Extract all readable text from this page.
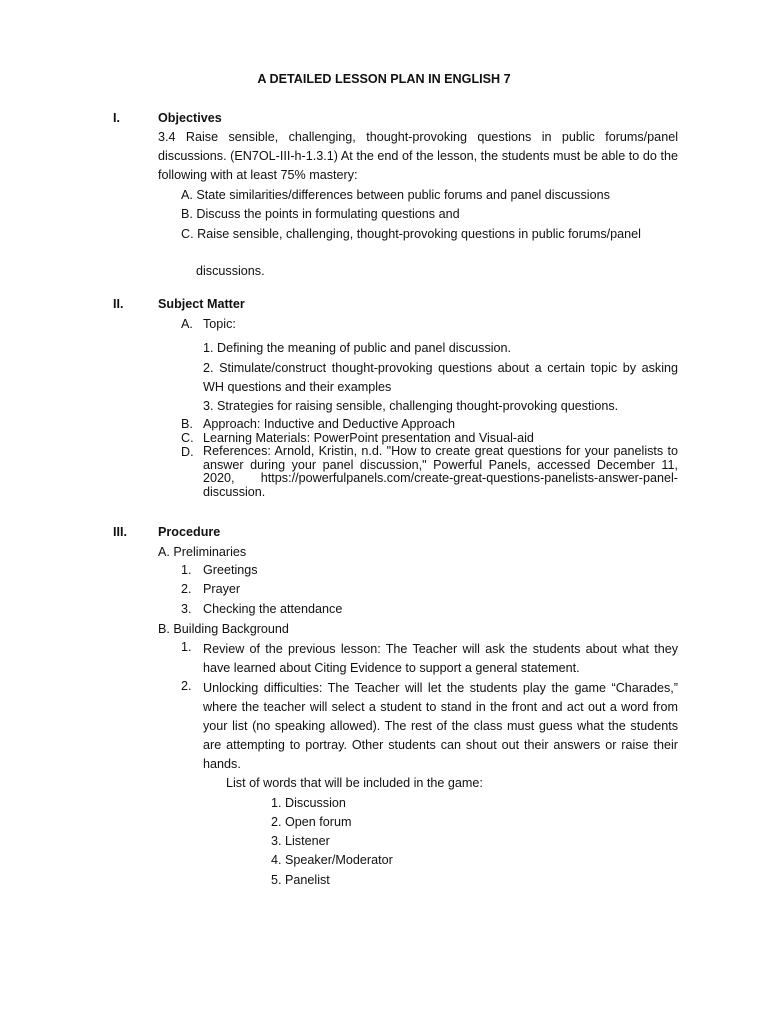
A DETAILED LESSON PLAN IN ENGLISH 7
I.	Objectives
3.4 Raise sensible, challenging, thought-provoking questions in public forums/panel discussions. (EN7OL-III-h-1.3.1) At the end of the lesson, the students must be able to do the following with at least 75% mastery:
A. State similarities/differences between public forums and panel discussions
B. Discuss the points in formulating questions and
C. Raise sensible, challenging, thought-provoking questions in public forums/panel
discussions.
II.	Subject Matter
A. Topic:
1. Defining the meaning of public and panel discussion.
2. Stimulate/construct thought-provoking questions about a certain topic by asking WH questions and their examples
3. Strategies for raising sensible, challenging thought-provoking questions.
B. Approach: Inductive and Deductive Approach
C. Learning Materials: PowerPoint presentation and Visual-aid
D. References: Arnold, Kristin, n.d. "How to create great questions for your panelists to answer during your panel discussion," Powerful Panels, accessed December 11, 2020, https://powerfulpanels.com/create-great-questions-panelists-answer-panel- discussion.
III. Procedure
A. Preliminaries
1. Greetings
2. Prayer
3. Checking the attendance
B. Building Background
1. Review of the previous lesson: The Teacher will ask the students about what they have learned about Citing Evidence to support a general statement.
2. Unlocking difficulties: The Teacher will let the students play the game “Charades,” where the teacher will select a student to stand in the front and act out a word from your list (no speaking allowed). The rest of the class must guess what the students are attempting to portray. Other students can shout out their answers or raise their hands.
List of words that will be included in the game:
1. Discussion
2. Open forum
3. Listener
4. Speaker/Moderator
5. Panelist
